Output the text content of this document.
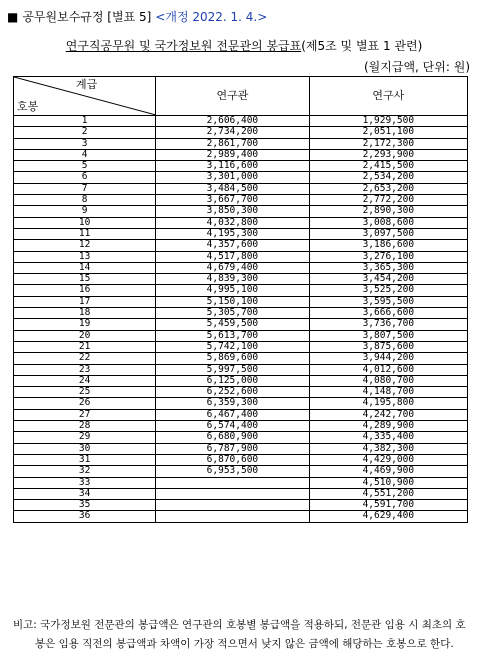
■ 공무원보수규정 [별표 5] <개정 2022. 1. 4.>
연구직공무원 및 국가정보원 전문관의 봉급표(제5조 및 별표 1 관련)
(월지급액, 단위: 원)
계급
호봉	연구관	연구사
1	2,606,400	1,929,500
2	2,734,200	2,051,100
3	2,861,700	2,172,300
4	2,989,400	2,293,900
5	3,116,600	2,415,500
6	3,301,000	2,534,200
7	3,484,500	2,653,200
8	3,667,700	2,772,200
9	3,850,300	2,890,300
10	4,032,800	3,008,600
11	4,195,300	3,097,500
12	4,357,600	3,186,600
13	4,517,800	3,276,100
14	4,679,400	3,365,300
15	4,839,300	3,454,200
16	4,995,100	3,525,200
17	5,150,100	3,595,500
18	5,305,700	3,666,600
19	5,459,500	3,736,700
20	5,613,700	3,807,500
21	5,742,100	3,875,600
22	5,869,600	3,944,200
23	5,997,500	4,012,600
24	6,125,000	4,080,700
25	6,252,600	4,148,700
26	6,359,300	4,195,800
27	6,467,400	4,242,700
28	6,574,400	4,289,900
29	6,680,900	4,335,400
30	6,787,900	4,382,300
31	6,870,600	4,429,000
32	6,953,500	4,469,900
33		4,510,900
34		4,551,200
35		4,591,700
36		4,629,400
비고: 국가정보원 전문관의 봉급액은 연구관의 호봉별 봉급액을 적용하되, 전문관 임용 시 최초의 호
봉은 임용 직전의 봉급액과 차액이 가장 적으면서 낮지 않은 금액에 해당하는 호봉으로 한다.
